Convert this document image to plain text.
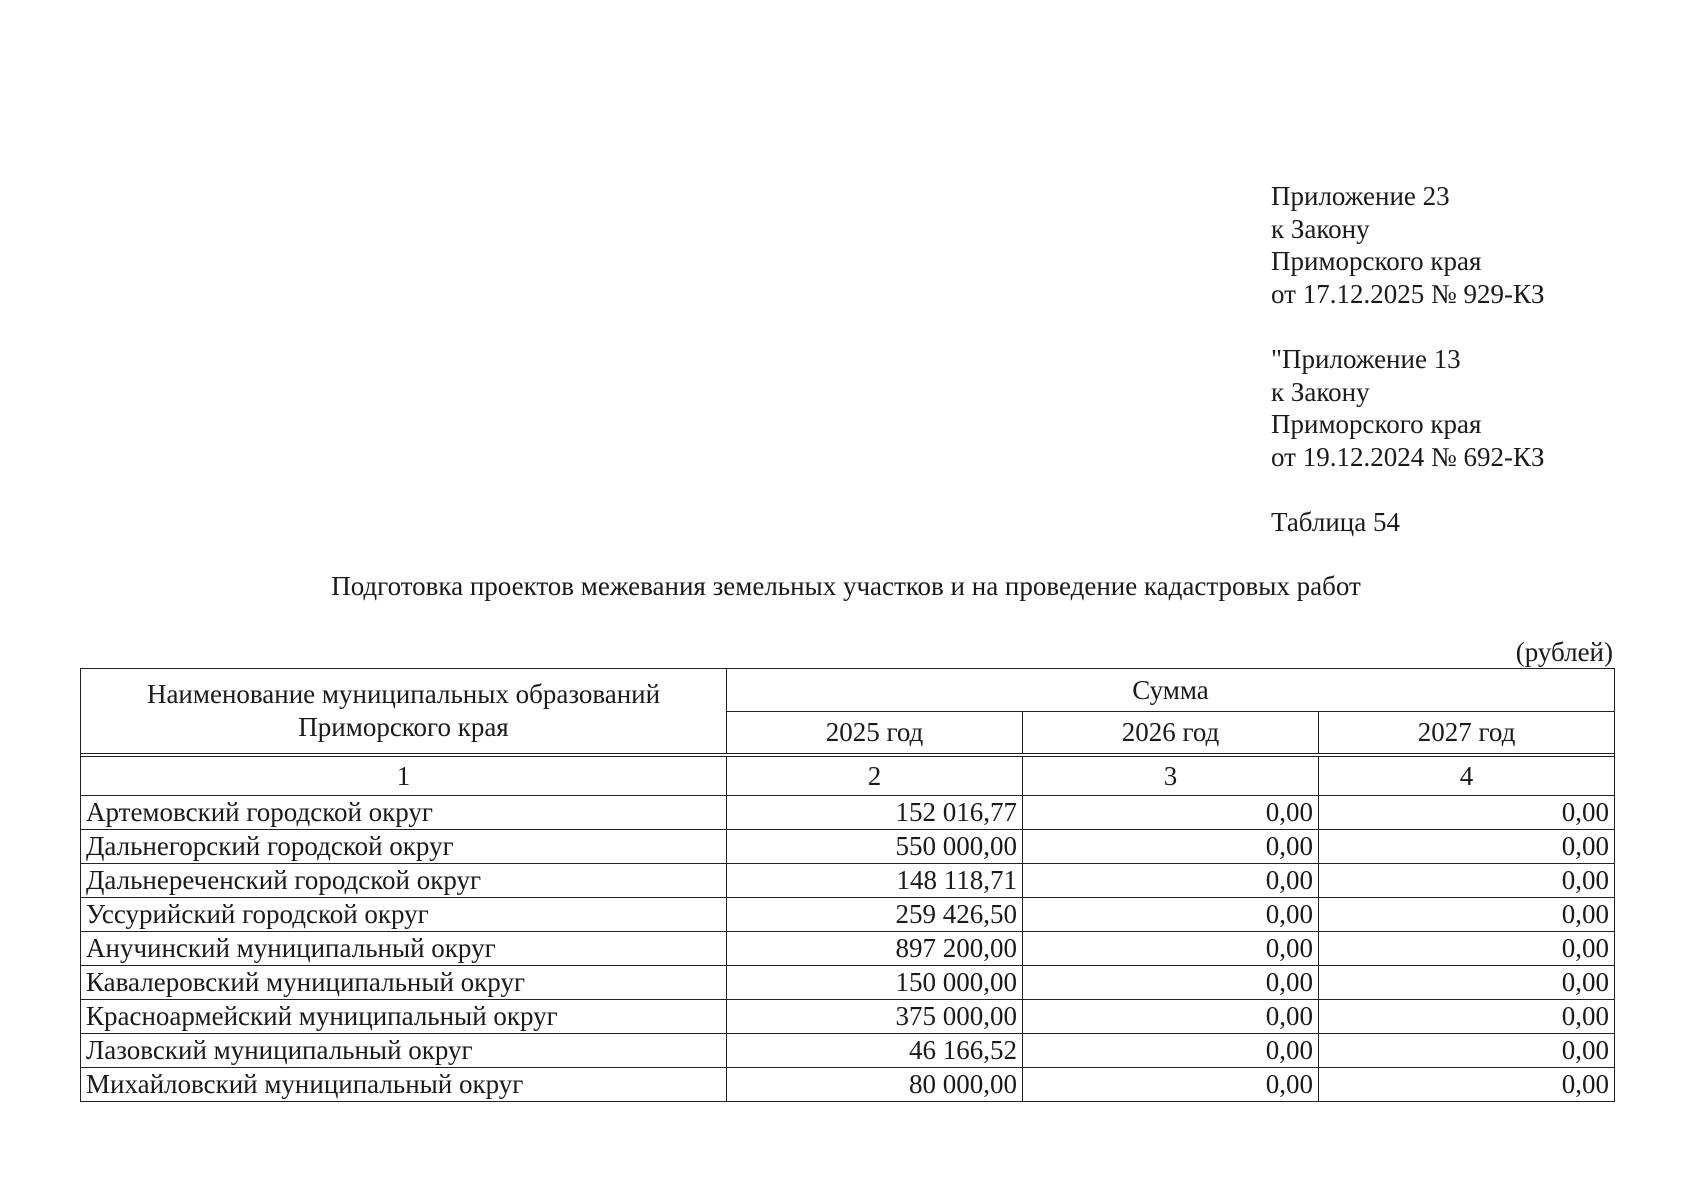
Приложение 23
к Закону
Приморского края
от 17.12.2025 № 929-КЗ
"Приложение 13
к Закону
Приморского края
от 19.12.2024 № 692-КЗ
Таблица 54
Подготовка проектов межевания земельных участков и на проведение кадастровых работ
(рублей)
Наименование муниципальных образований Приморского края	Сумма		
	2025 год	2026 год	2027 год

1	2	3	4
Артемовский городской округ	152 016,77	0,00	0,00
Дальнегорский городской округ	550 000,00	0,00	0,00
Дальнереченский городской округ	148 118,71	0,00	0,00
Уссурийский городской округ	259 426,50	0,00	0,00
Анучинский муниципальный округ	897 200,00	0,00	0,00
Кавалеровский муниципальный округ	150 000,00	0,00	0,00
Красноармейский муниципальный округ	375 000,00	0,00	0,00
Лазовский муниципальный округ	46 166,52	0,00	0,00
Михайловский муниципальный округ	80 000,00	0,00	0,00
